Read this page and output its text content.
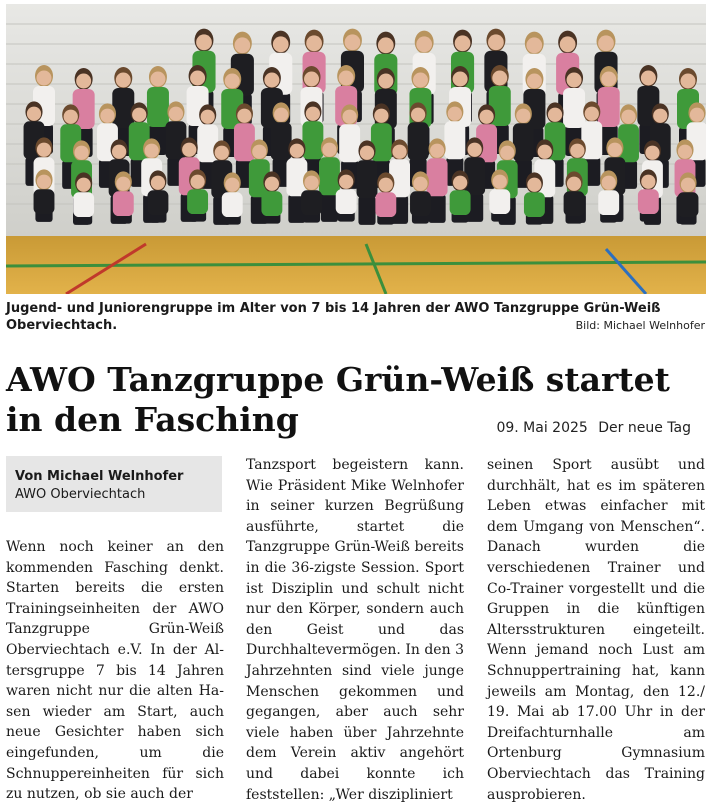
Jugend- und Juniorengruppe im Alter von 7 bis 14 Jahren der AWO Tanzgruppe Grün-Weiß Oberviechtach.	Bild: Michael Welnhofer
AWO Tanzgruppe Grün-Weiß startet in den Fasching	09. Mai 2025 Der neue Tag
Von Michael Welnhofer
AWO Oberviechtach

Wenn noch keiner an den kommenden Fasching denkt. Starten bereits die ersten Trainingseinheiten der AWO Tanzgruppe Grün-Weiß Oberviechtach e.V. In der Altersgruppe 7 bis 14 Jahren waren nicht nur die alten Hasen wieder am Start, auch neue Gesichter haben sich eingefunden, um die Schnuppereinheiten für sich zu nutzen, ob sie auch der

Tanzsport begeistern kann. Wie Präsident Mike Welnhofer in seiner kurzen Begrüßung ausführte, startet die Tanzgruppe Grün-Weiß bereits in die 36-zigste Session. Sport ist Disziplin und schult nicht nur den Körper, sondern auch den Geist und das Durchhaltevermögen. In den 3 Jahrzehnten sind viele junge Menschen gekommen und gegangen, aber auch sehr viele haben über Jahrzehnte dem Verein aktiv angehört und dabei konnte ich feststellen: „Wer diszipliniert

seinen Sport ausübt und durchhält, hat es im späteren Leben etwas einfacher mit dem Umgang von Menschen“. Danach wurden die verschiedenen Trainer und Co-Trainer vorgestellt und die Gruppen in die künftigen Altersstrukturen eingeteilt. Wenn jemand noch Lust am Schnuppertraining hat, kann jeweils am Montag, den 12./ 19. Mai ab 17.00 Uhr in der Dreifachturnhalle am Ortenburg Gymnasium Oberviechtach das Training ausprobieren.
